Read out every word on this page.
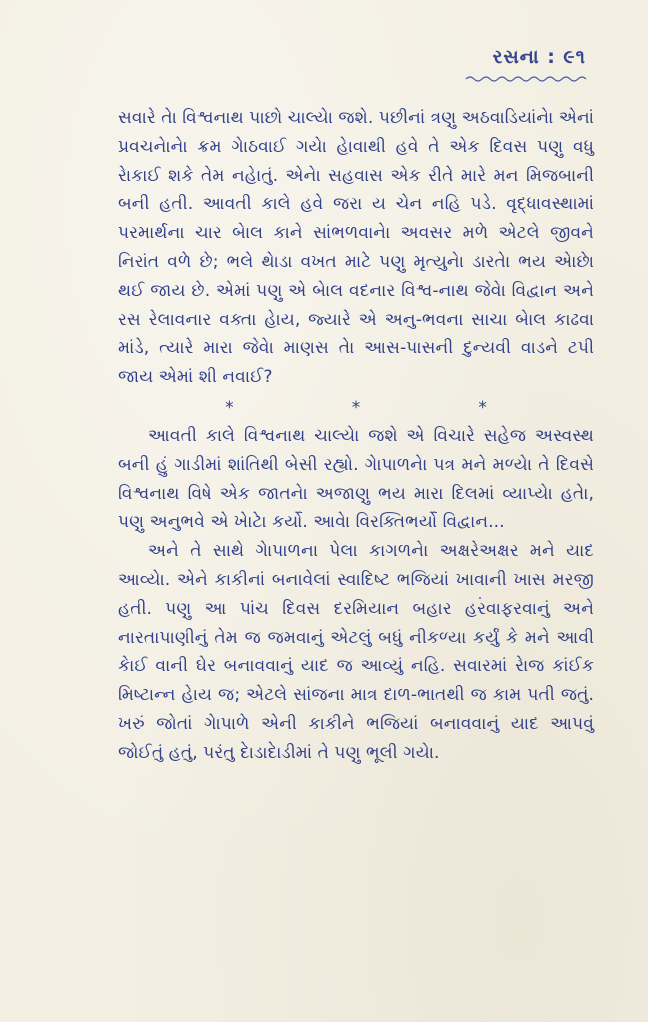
રસના : ૯૧

સવારે તેા વિશ્વનાથ પાછો ચાલ્યેા જશે. પછીનાં ત્રણુ અઠવાડિયાંનેા એનાં પ્રવચનેાનેા ક્રમ ગેાઠવાઈ ગયેા હેાવાથી હવે તે એક દિવસ પણુ વધુ રેાકાઈ શકે તેમ નહેાતું. એનેા સહવાસ એક રીતે મારે મન મિજબાની બની હતી. આવતી કાલે હવે જરા ય ચેન નહિ પડે. વૃદ્ધાવસ્થામાં પરમાર્થના ચાર બેાલ કાને સાંભળવાનેા અવસર મળે એટલે જીવને નિરાંત વળે છે; ભલે થેાડા વખત માટે પણુ મૃત્યુનેા ડારતેા ભય એાછેા થઈ જાય છે. એમાં પણુ એ બેાલ વદનાર વિશ્વ-નાથ જેવેા વિદ્વાન અને રસ રેલાવનાર વક્તા હેાય, જ્યારે એ અનુ-ભવના સાચા બેાલ કાઢવા માંડે, ત્યારે મારા જેવેા માણસ તેા આસ-પાસની દુન્યવી વાડને ટપી જાય એમાં શી નવાઈ?

*	*	*

આવતી કાલે વિશ્વનાથ ચાલ્યેા જશે એ વિચારે સહેજ અસ્વસ્થ બની હું ગાડીમાં શાંતિથી બેસી રહ્યો. ગેાપાળનેા પત્ર મને મળ્યેા તે દિવસે વિશ્વનાથ વિષે એક જાતનેા અજાણુ ભય મારા દિલમાં વ્યાપ્યેા હતેા, પણુ અનુભવે એ ખેાટેા કર્યો. આવેા વિરક્તિભર્યો વિદ્વાન...

અને તે સાથે ગેાપાળના પેલા કાગળનેા અક્ષરેઅક્ષર મને યાદ આવ્યેા. એને કાકીનાં બનાવેલાં સ્વાદિષ્ટ ભજિયાં ખાવાની ખાસ મરજી હતી. પણુ આ પાંચ દિવસ દરમિયાન બહાર હરવાફરવાનું અને નારતાપાણીનું તેમ જ જમવાનું એટલું બધું નીકળ્યા કર્યું કે મને આવી કેાઈ વાની ઘેર બનાવવાનું યાદ જ આવ્યું નહિ. સવારમાં રેાજ કાંઈક મિષ્ટાન્ન હેાય જ; એટલે સાંજના માત્ર દાળ-ભાતથી જ કામ પતી જતું. ખરું જોતાં ગેાપાળે એની કાકીને ભજિયાં બનાવવાનું યાદ આપવું જોઈતું હતું, પરંતુ દેાડાદેાડીમાં તે પણુ ભૂલી ગયેા.
